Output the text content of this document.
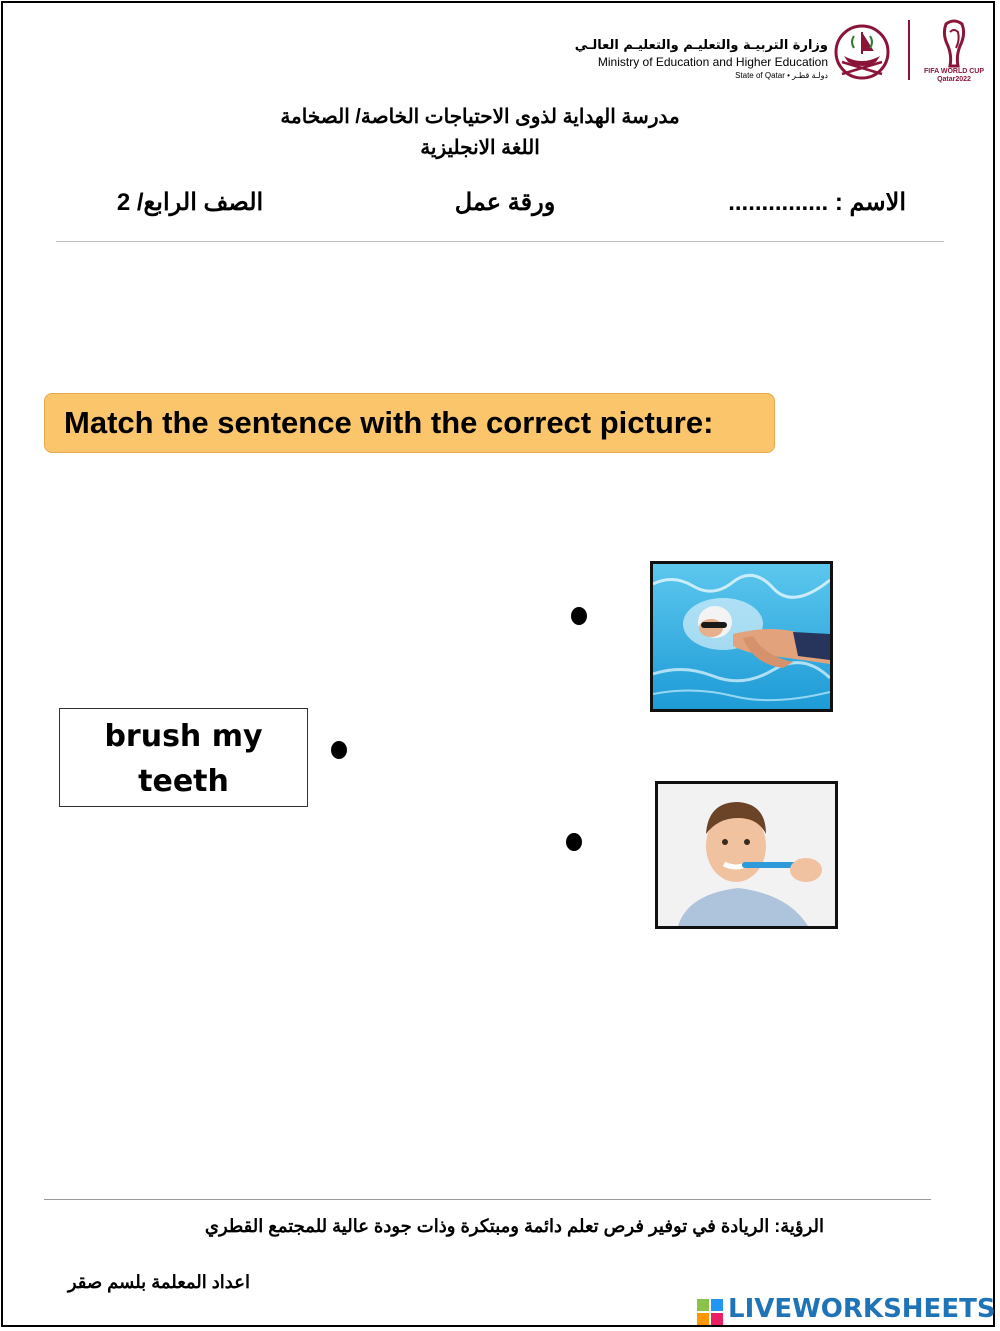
وزارة التربيـة والتعليـم والتعليـم العالـي
Ministry of Education and Higher Education
State of Qatar • دولـة قطـر	FIFA WORLD CUP Qatar2022
مدرسة الهداية لذوى الاحتياجات الخاصة/ الصخامة
اللغة الانجليزية
الاسم : ...............
ورقة عمل
الصف الرابع/ 2
Match the sentence with the correct picture:
brush my
teeth
الرؤية: الريادة في توفير فرص تعلم دائمة ومبتكرة وذات جودة عالية للمجتمع القطري
اعداد المعلمة بلسم صقر
LIVEWORKSHEETS
